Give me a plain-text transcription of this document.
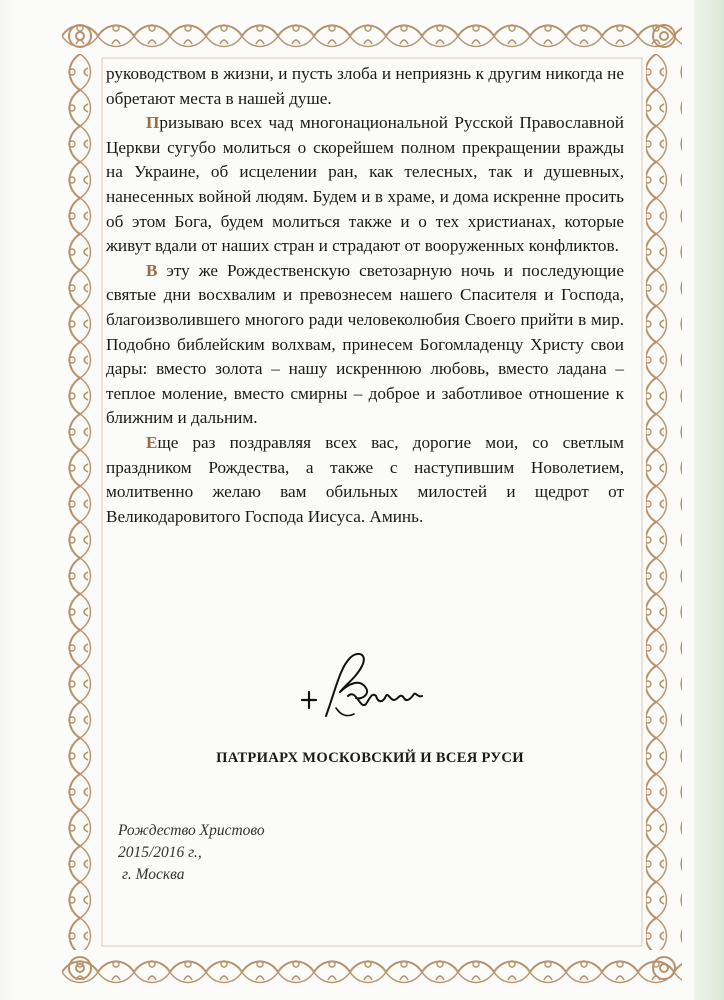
руководством в жизни, и пусть злоба и неприязнь к другим никогда не обретают места в нашей душе.

Призываю всех чад многонациональной Русской Православной Церкви сугубо молиться о скорейшем полном прекращении вражды на Украине, об исцелении ран, как телесных, так и душевных, нанесенных войной людям. Будем и в храме, и дома искренне просить об этом Бога, будем молиться также и о тех христианах, которые живут вдали от наших стран и страдают от вооруженных конфликтов.

В эту же Рождественскую светозарную ночь и последующие святые дни восхвалим и превознесем нашего Спасителя и Господа, благоизволившего многого ради человеколюбия Своего прийти в мир. Подобно библейским волхвам, принесем Богомладенцу Христу свои дары: вместо золота – нашу искреннюю любовь, вместо ладана – теплое моление, вместо смирны – доброе и заботливое отношение к ближним и дальним.

Еще раз поздравляя всех вас, дорогие мои, со светлым праздником Рождества, а также с наступившим Новолетием, молитвенно желаю вам обильных милостей и щедрот от Великодаровитого Господа Иисуса. Аминь.

ПАТРИАРХ МОСКОВСКИЙ И ВСЕЯ РУСИ
Рождество Христово
2015/2016 г.,
г. Москва
